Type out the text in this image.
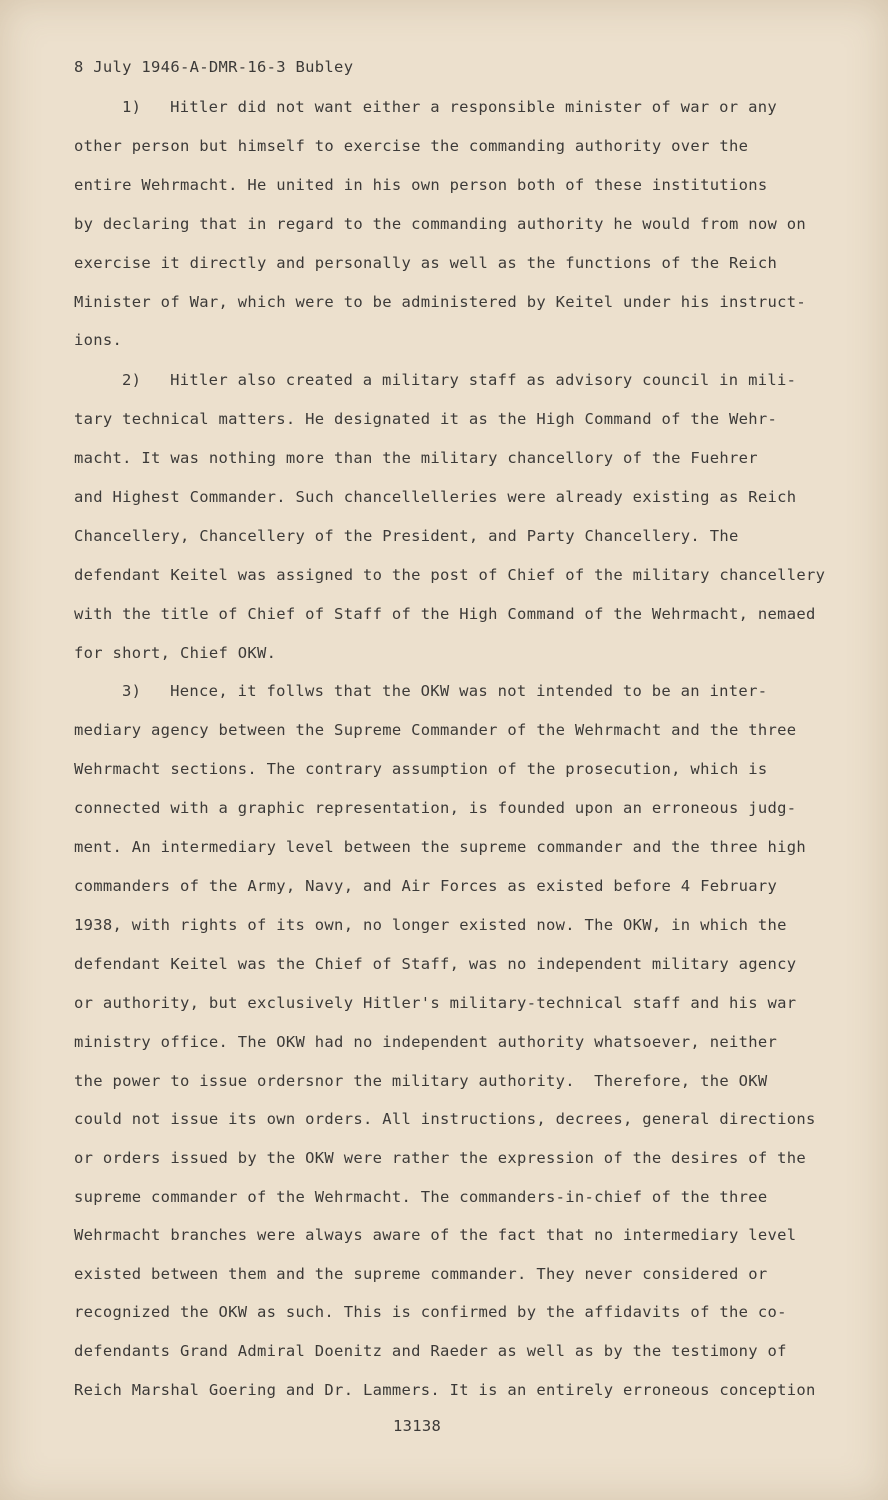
8 July 1946-A-DMR-16-3 Bubley
1)   Hitler did not want either a responsible minister of war or any
other person but himself to exercise the commanding authority over the
entire Wehrmacht. He united in his own person both of these institutions
by declaring that in regard to the commanding authority he would from now on
exercise it directly and personally as well as the functions of the Reich
Minister of War, which were to be administered by Keitel under his instruct-
ions.
2)   Hitler also created a military staff as advisory council in mili-
tary technical matters. He designated it as the High Command of the Wehr-
macht. It was nothing more than the military chancellory of the Fuehrer
and Highest Commander. Such chancellelleries were already existing as Reich
Chancellery, Chancellery of the President, and Party Chancellery. The
defendant Keitel was assigned to the post of Chief of the military chancellery
with the title of Chief of Staff of the High Command of the Wehrmacht, nemaed
for short, Chief OKW.
3)   Hence, it follws that the OKW was not intended to be an inter-
mediary agency between the Supreme Commander of the Wehrmacht and the three
Wehrmacht sections. The contrary assumption of the prosecution, which is
connected with a graphic representation, is founded upon an erroneous judg-
ment. An intermediary level between the supreme commander and the three high
commanders of the Army, Navy, and Air Forces as existed before 4 February
1938, with rights of its own, no longer existed now. The OKW, in which the
defendant Keitel was the Chief of Staff, was no independent military agency
or authority, but exclusively Hitler's military-technical staff and his war
ministry office. The OKW had no independent authority whatsoever, neither
the power to issue ordersnor the military authority.  Therefore, the OKW
could not issue its own orders. All instructions, decrees, general directions
or orders issued by the OKW were rather the expression of the desires of the
supreme commander of the Wehrmacht. The commanders-in-chief of the three
Wehrmacht branches were always aware of the fact that no intermediary level
existed between them and the supreme commander. They never considered or
recognized the OKW as such. This is confirmed by the affidavits of the co-
defendants Grand Admiral Doenitz and Raeder as well as by the testimony of
Reich Marshal Goering and Dr. Lammers. It is an entirely erroneous conception
13138
